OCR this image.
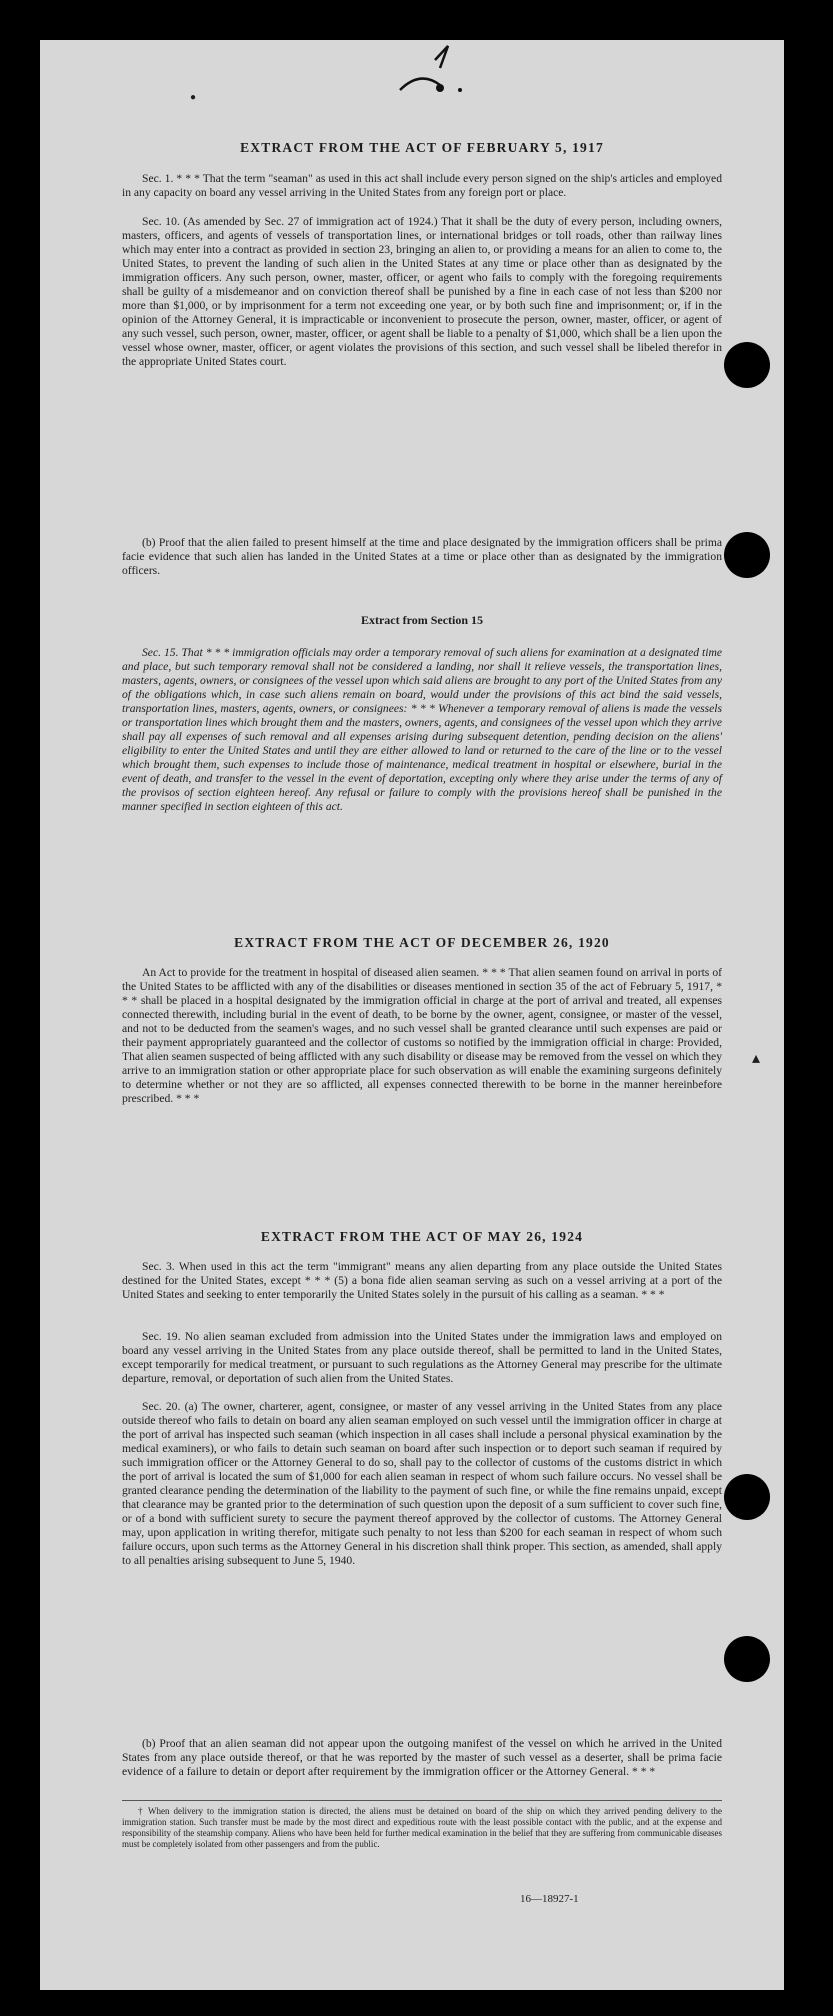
▴
●
EXTRACT FROM THE ACT OF FEBRUARY 5, 1917

Sec. 1. * * * That the term "seaman" as used in this act shall include every person signed on the ship's articles and employed in any capacity on board any vessel arriving in the United States from any foreign port or place.

Sec. 10. (As amended by Sec. 27 of immigration act of 1924.) That it shall be the duty of every person, including owners, masters, officers, and agents of vessels of transportation lines, or international bridges or toll roads, other than railway lines which may enter into a contract as provided in section 23, bringing an alien to, or providing a means for an alien to come to, the United States, to prevent the landing of such alien in the United States at any time or place other than as designated by the immigration officers. Any such person, owner, master, officer, or agent who fails to comply with the foregoing requirements shall be guilty of a misdemeanor and on conviction thereof shall be punished by a fine in each case of not less than $200 nor more than $1,000, or by imprisonment for a term not exceeding one year, or by both such fine and imprisonment; or, if in the opinion of the Attorney General, it is impracticable or inconvenient to prosecute the person, owner, master, officer, or agent of any such vessel, such person, owner, master, officer, or agent shall be liable to a penalty of $1,000, which shall be a lien upon the vessel whose owner, master, officer, or agent violates the provisions of this section, and such vessel shall be libeled therefor in the appropriate United States court.

(b) Proof that the alien failed to present himself at the time and place designated by the immigration officers shall be prima facie evidence that such alien has landed in the United States at a time or place other than as designated by the immigration officers.

Extract from Section 15

Sec. 15. That * * * immigration officials may order a temporary removal of such aliens for examination at a designated time and place, but such temporary removal shall not be considered a landing, nor shall it relieve vessels, the transportation lines, masters, agents, owners, or consignees of the vessel upon which said aliens are brought to any port of the United States from any of the obligations which, in case such aliens remain on board, would under the provisions of this act bind the said vessels, transportation lines, masters, agents, owners, or consignees: * * * Whenever a temporary removal of aliens is made the vessels or transportation lines which brought them and the masters, owners, agents, and consignees of the vessel upon which they arrive shall pay all expenses of such removal and all expenses arising during subsequent detention, pending decision on the aliens' eligibility to enter the United States and until they are either allowed to land or returned to the care of the line or to the vessel which brought them, such expenses to include those of maintenance, medical treatment in hospital or elsewhere, burial in the event of death, and transfer to the vessel in the event of deportation, excepting only where they arise under the terms of any of the provisos of section eighteen hereof. Any refusal or failure to comply with the provisions hereof shall be punished in the manner specified in section eighteen of this act.

EXTRACT FROM THE ACT OF DECEMBER 26, 1920

An Act to provide for the treatment in hospital of diseased alien seamen. * * * That alien seamen found on arrival in ports of the United States to be afflicted with any of the disabilities or diseases mentioned in section 35 of the act of February 5, 1917, * * * shall be placed in a hospital designated by the immigration official in charge at the port of arrival and treated, all expenses connected therewith, including burial in the event of death, to be borne by the owner, agent, consignee, or master of the vessel, and not to be deducted from the seamen's wages, and no such vessel shall be granted clearance until such expenses are paid or their payment appropriately guaranteed and the collector of customs so notified by the immigration official in charge: Provided, That alien seamen suspected of being afflicted with any such disability or disease may be removed from the vessel on which they arrive to an immigration station or other appropriate place for such observation as will enable the examining surgeons definitely to determine whether or not they are so afflicted, all expenses connected therewith to be borne in the manner hereinbefore prescribed. * * *

EXTRACT FROM THE ACT OF MAY 26, 1924

Sec. 3. When used in this act the term "immigrant" means any alien departing from any place outside the United States destined for the United States, except * * * (5) a bona fide alien seaman serving as such on a vessel arriving at a port of the United States and seeking to enter temporarily the United States solely in the pursuit of his calling as a seaman. * * *

Sec. 19. No alien seaman excluded from admission into the United States under the immigration laws and employed on board any vessel arriving in the United States from any place outside thereof, shall be permitted to land in the United States, except temporarily for medical treatment, or pursuant to such regulations as the Attorney General may prescribe for the ultimate departure, removal, or deportation of such alien from the United States.

Sec. 20. (a) The owner, charterer, agent, consignee, or master of any vessel arriving in the United States from any place outside thereof who fails to detain on board any alien seaman employed on such vessel until the immigration officer in charge at the port of arrival has inspected such seaman (which inspection in all cases shall include a personal physical examination by the medical examiners), or who fails to detain such seaman on board after such inspection or to deport such seaman if required by such immigration officer or the Attorney General to do so, shall pay to the collector of customs of the customs district in which the port of arrival is located the sum of $1,000 for each alien seaman in respect of whom such failure occurs. No vessel shall be granted clearance pending the determination of the liability to the payment of such fine, or while the fine remains unpaid, except that clearance may be granted prior to the determination of such question upon the deposit of a sum sufficient to cover such fine, or of a bond with sufficient surety to secure the payment thereof approved by the collector of customs. The Attorney General may, upon application in writing therefor, mitigate such penalty to not less than $200 for each seaman in respect of whom such failure occurs, upon such terms as the Attorney General in his discretion shall think proper. This section, as amended, shall apply to all penalties arising subsequent to June 5, 1940.

(b) Proof that an alien seaman did not appear upon the outgoing manifest of the vessel on which he arrived in the United States from any place outside thereof, or that he was reported by the master of such vessel as a deserter, shall be prima facie evidence of a failure to detain or deport after requirement by the immigration officer or the Attorney General. * * *

† When delivery to the immigration station is directed, the aliens must be detained on board of the ship on which they arrived pending delivery to the immigration station. Such transfer must be made by the most direct and expeditious route with the least possible contact with the public, and at the expense and responsibility of the steamship company. Aliens who have been held for further medical examination in the belief that they are suffering from communicable diseases must be completely isolated from other passengers and from the public.
16—18927-1
